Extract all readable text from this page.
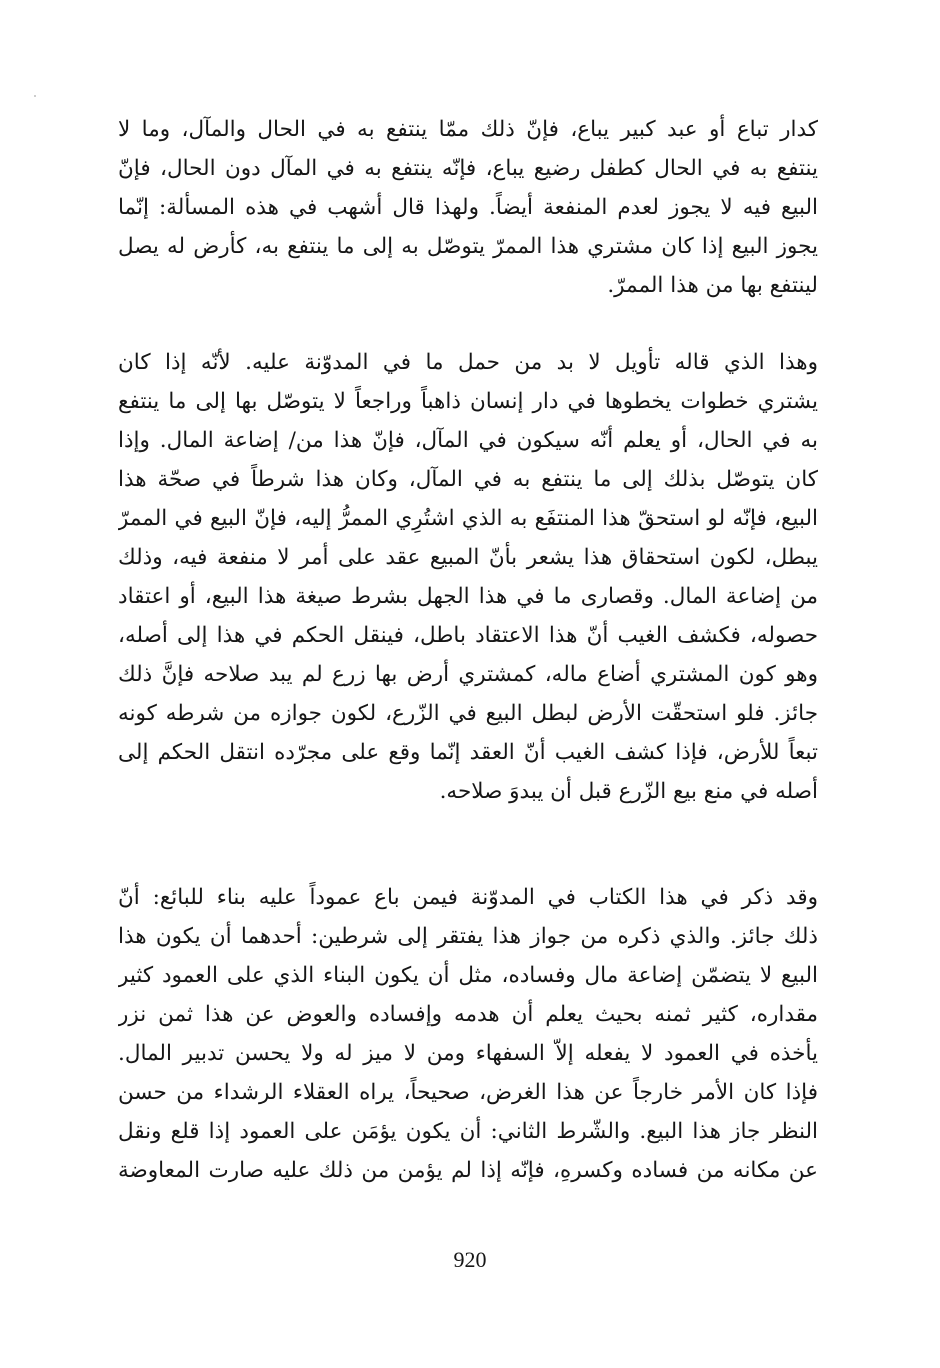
كدار تباع أو عبد كبير يباع، فإنّ ذلك ممّا ينتفع به في الحال والمآل، وما لا
ينتفع به في الحال كطفل رضيع يباع، فإنّه ينتفع به في المآل دون الحال، فإنّ
البيع فيه لا يجوز لعدم المنفعة أيضاً. ولهذا قال أشهب في هذه المسألة: إنّما
يجوز البيع إذا كان مشتري هذا الممرّ يتوصّل به إلى ما ينتفع به، كأرض له يصل
لينتفع بها من هذا الممرّ.
وهذا الذي قاله تأويل لا بد من حمل ما في المدوّنة عليه. لأنّه إذا كان
يشتري خطوات يخطوها في دار إنسان ذاهباً وراجعاً لا يتوصّل بها إلى ما ينتفع
به في الحال، أو يعلم أنّه سيكون في المآل، فإنّ هذا من/ إضاعة المال. وإذا
كان يتوصّل بذلك إلى ما ينتفع به في المآل، وكان هذا شرطاً في صحّة هذا
البيع، فإنّه لو استحقّ هذا المنتفَع به الذي اشتُرِي الممرُّ إليه، فإنّ البيع في الممرّ
يبطل، لكون استحقاق هذا يشعر بأنّ المبيع عقد على أمر لا منفعة فيه، وذلك
من إضاعة المال. وقصارى ما في هذا الجهل بشرط صيغة هذا البيع، أو اعتقاد
حصوله، فكشف الغيب أنّ هذا الاعتقاد باطل، فينقل الحكم في هذا إلى أصله،
وهو كون المشتري أضاع ماله، كمشتري أرض بها زرع لم يبد صلاحه فإنَّ ذلك
جائز. فلو استحقّت الأرض لبطل البيع في الزّرع، لكون جوازه من شرطه كونه
تبعاً للأرض، فإذا كشف الغيب أنّ العقد إنّما وقع على مجرّده انتقل الحكم إلى
أصله في منع بيع الزّرع قبل أن يبدوَ صلاحه.
وقد ذكر في هذا الكتاب في المدوّنة فيمن باع عموداً عليه بناء للبائع: أنّ
ذلك جائز. والذي ذكره من جواز هذا يفتقر إلى شرطين: أحدهما أن يكون هذا
البيع لا يتضمّن إضاعة مال وفساده، مثل أن يكون البناء الذي على العمود كثير
مقداره، كثير ثمنه بحيث يعلم أن هدمه وإفساده والعوض عن هذا ثمن نزر
يأخذه في العمود لا يفعله إلاّ السفهاء ومن لا ميز له ولا يحسن تدبير المال.
فإذا كان الأمر خارجاً عن هذا الغرض، صحيحاً، يراه العقلاء الرشداء من حسن
النظر جاز هذا البيع. والشّرط الثاني: أن يكون يؤمَن على العمود إذا قلع ونقل
عن مكانه من فساده وكسرهِ، فإنّه إذا لم يؤمن من ذلك عليه صارت المعاوضة
920
